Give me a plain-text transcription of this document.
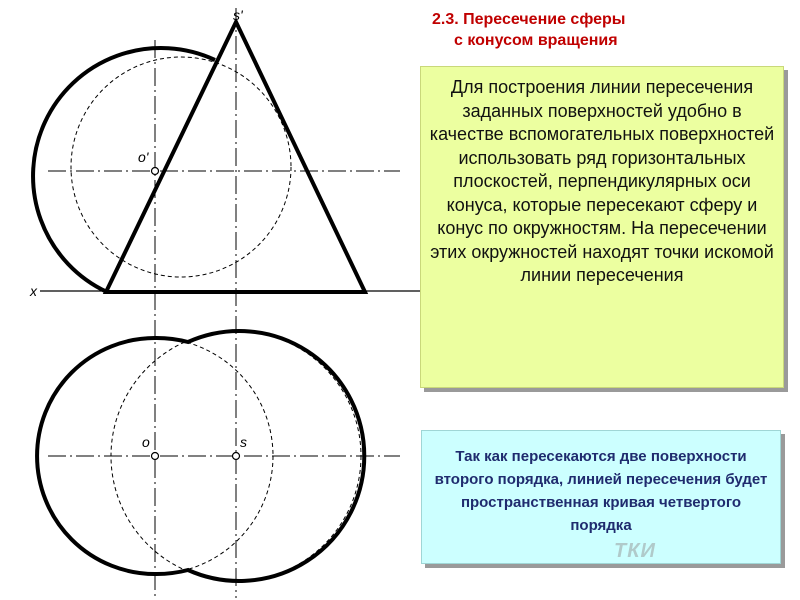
s'
o'
x
o	s
2.3. Пересечение сферы
с конусом вращения
Для построения линии пересечения заданных поверхностей удобно в качестве вспомогательных поверхностей использовать ряд горизонтальных плоскостей, перпендикулярных оси конуса, которые пересекают сферу и конус по окружностям. На пересечении этих окружностей находят точки искомой линии пересечения
Так как пересекаются две поверхности второго порядка, линией пересечения будет пространственная кривая четвертого порядка
ТКИ
